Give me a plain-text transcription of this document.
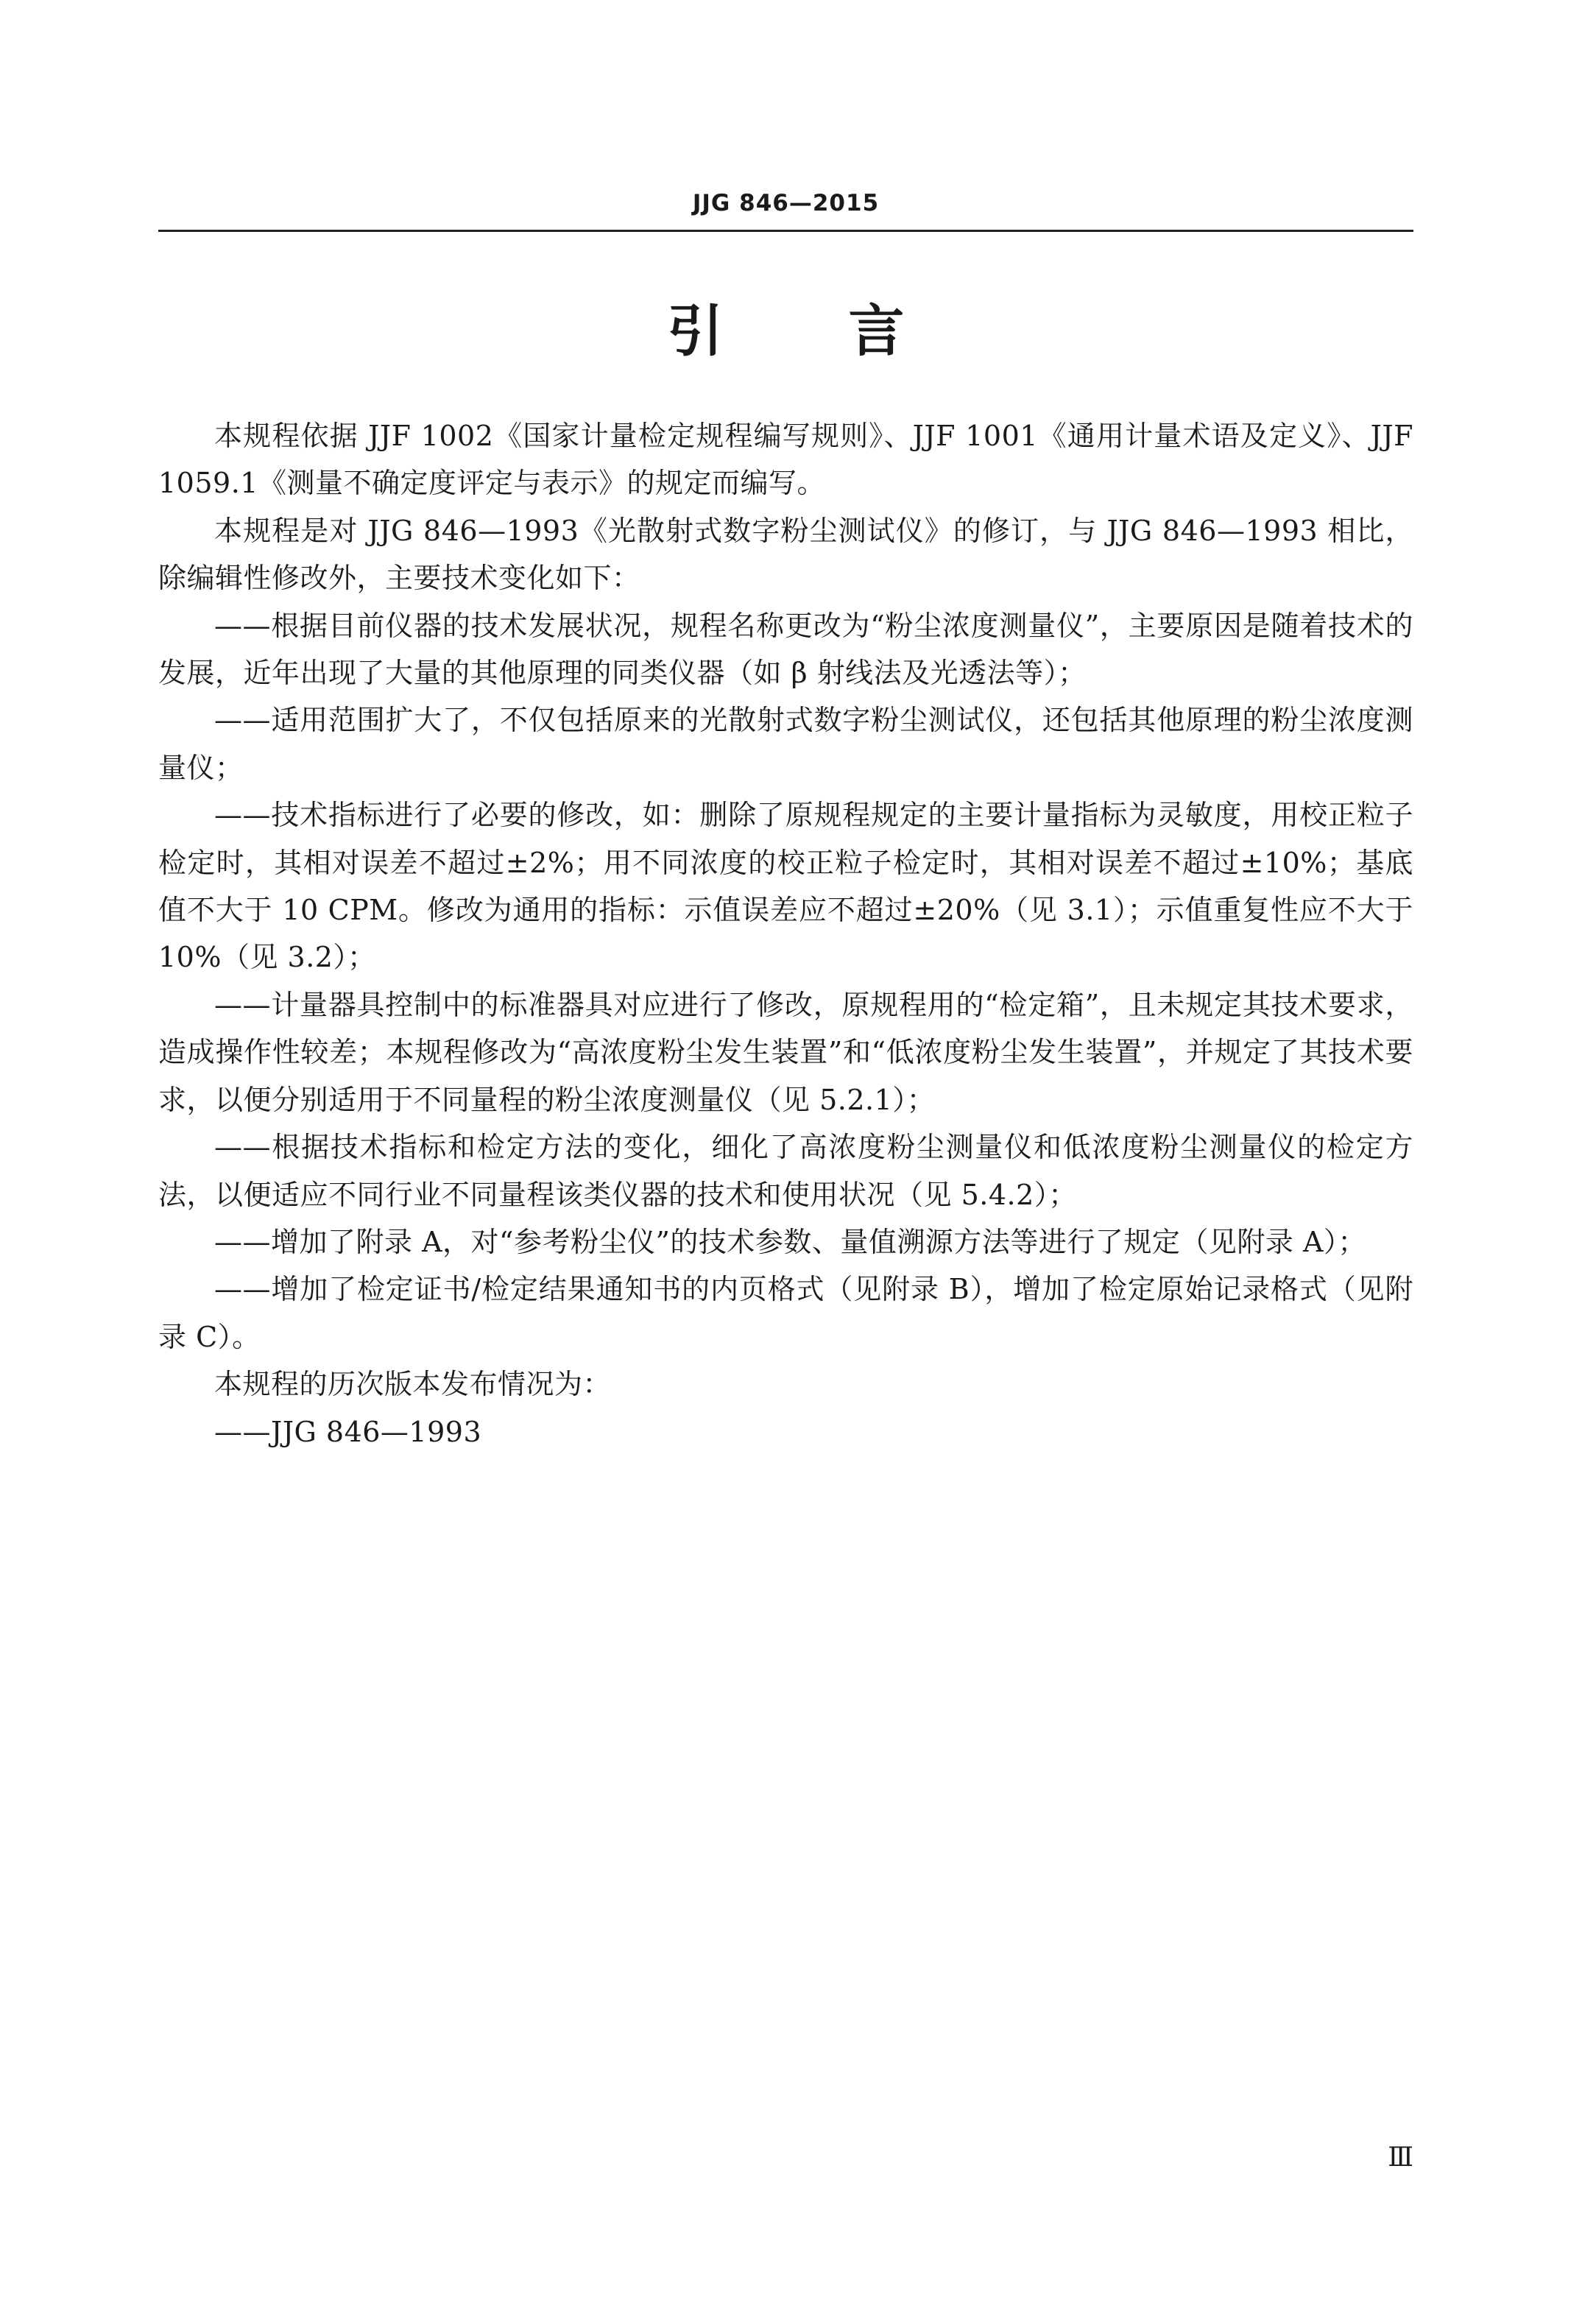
JJG 846—2015
引 言

本规程依据 JJF 1002《国家计量检定规程编写规则》、JJF 1001《通用计量术语及定义》、JJF 1059.1《测量不确定度评定与表示》的规定而编写。

本规程是对 JJG 846—1993《光散射式数字粉尘测试仪》的修订，与 JJG 846—1993 相比，除编辑性修改外，主要技术变化如下：

——根据目前仪器的技术发展状况，规程名称更改为“粉尘浓度测量仪”，主要原因是随着技术的发展，近年出现了大量的其他原理的同类仪器（如 β 射线法及光透法等）；

——适用范围扩大了，不仅包括原来的光散射式数字粉尘测试仪，还包括其他原理的粉尘浓度测量仪；

——技术指标进行了必要的修改，如：删除了原规程规定的主要计量指标为灵敏度，用校正粒子检定时，其相对误差不超过±2%；用不同浓度的校正粒子检定时，其相对误差不超过±10%；基底值不大于 10 CPM。修改为通用的指标：示值误差应不超过±20%（见 3.1）；示值重复性应不大于 10%（见 3.2）；

——计量器具控制中的标准器具对应进行了修改，原规程用的“检定箱”，且未规定其技术要求，造成操作性较差；本规程修改为“高浓度粉尘发生装置”和“低浓度粉尘发生装置”，并规定了其技术要求，以便分别适用于不同量程的粉尘浓度测量仪（见 5.2.1）；

——根据技术指标和检定方法的变化，细化了高浓度粉尘测量仪和低浓度粉尘测量仪的检定方法，以便适应不同行业不同量程该类仪器的技术和使用状况（见 5.4.2）；

——增加了附录 A，对“参考粉尘仪”的技术参数、量值溯源方法等进行了规定（见附录 A）；

——增加了检定证书/检定结果通知书的内页格式（见附录 B），增加了检定原始记录格式（见附录 C）。

本规程的历次版本发布情况为：

——JJG 846—1993

Ⅲ
